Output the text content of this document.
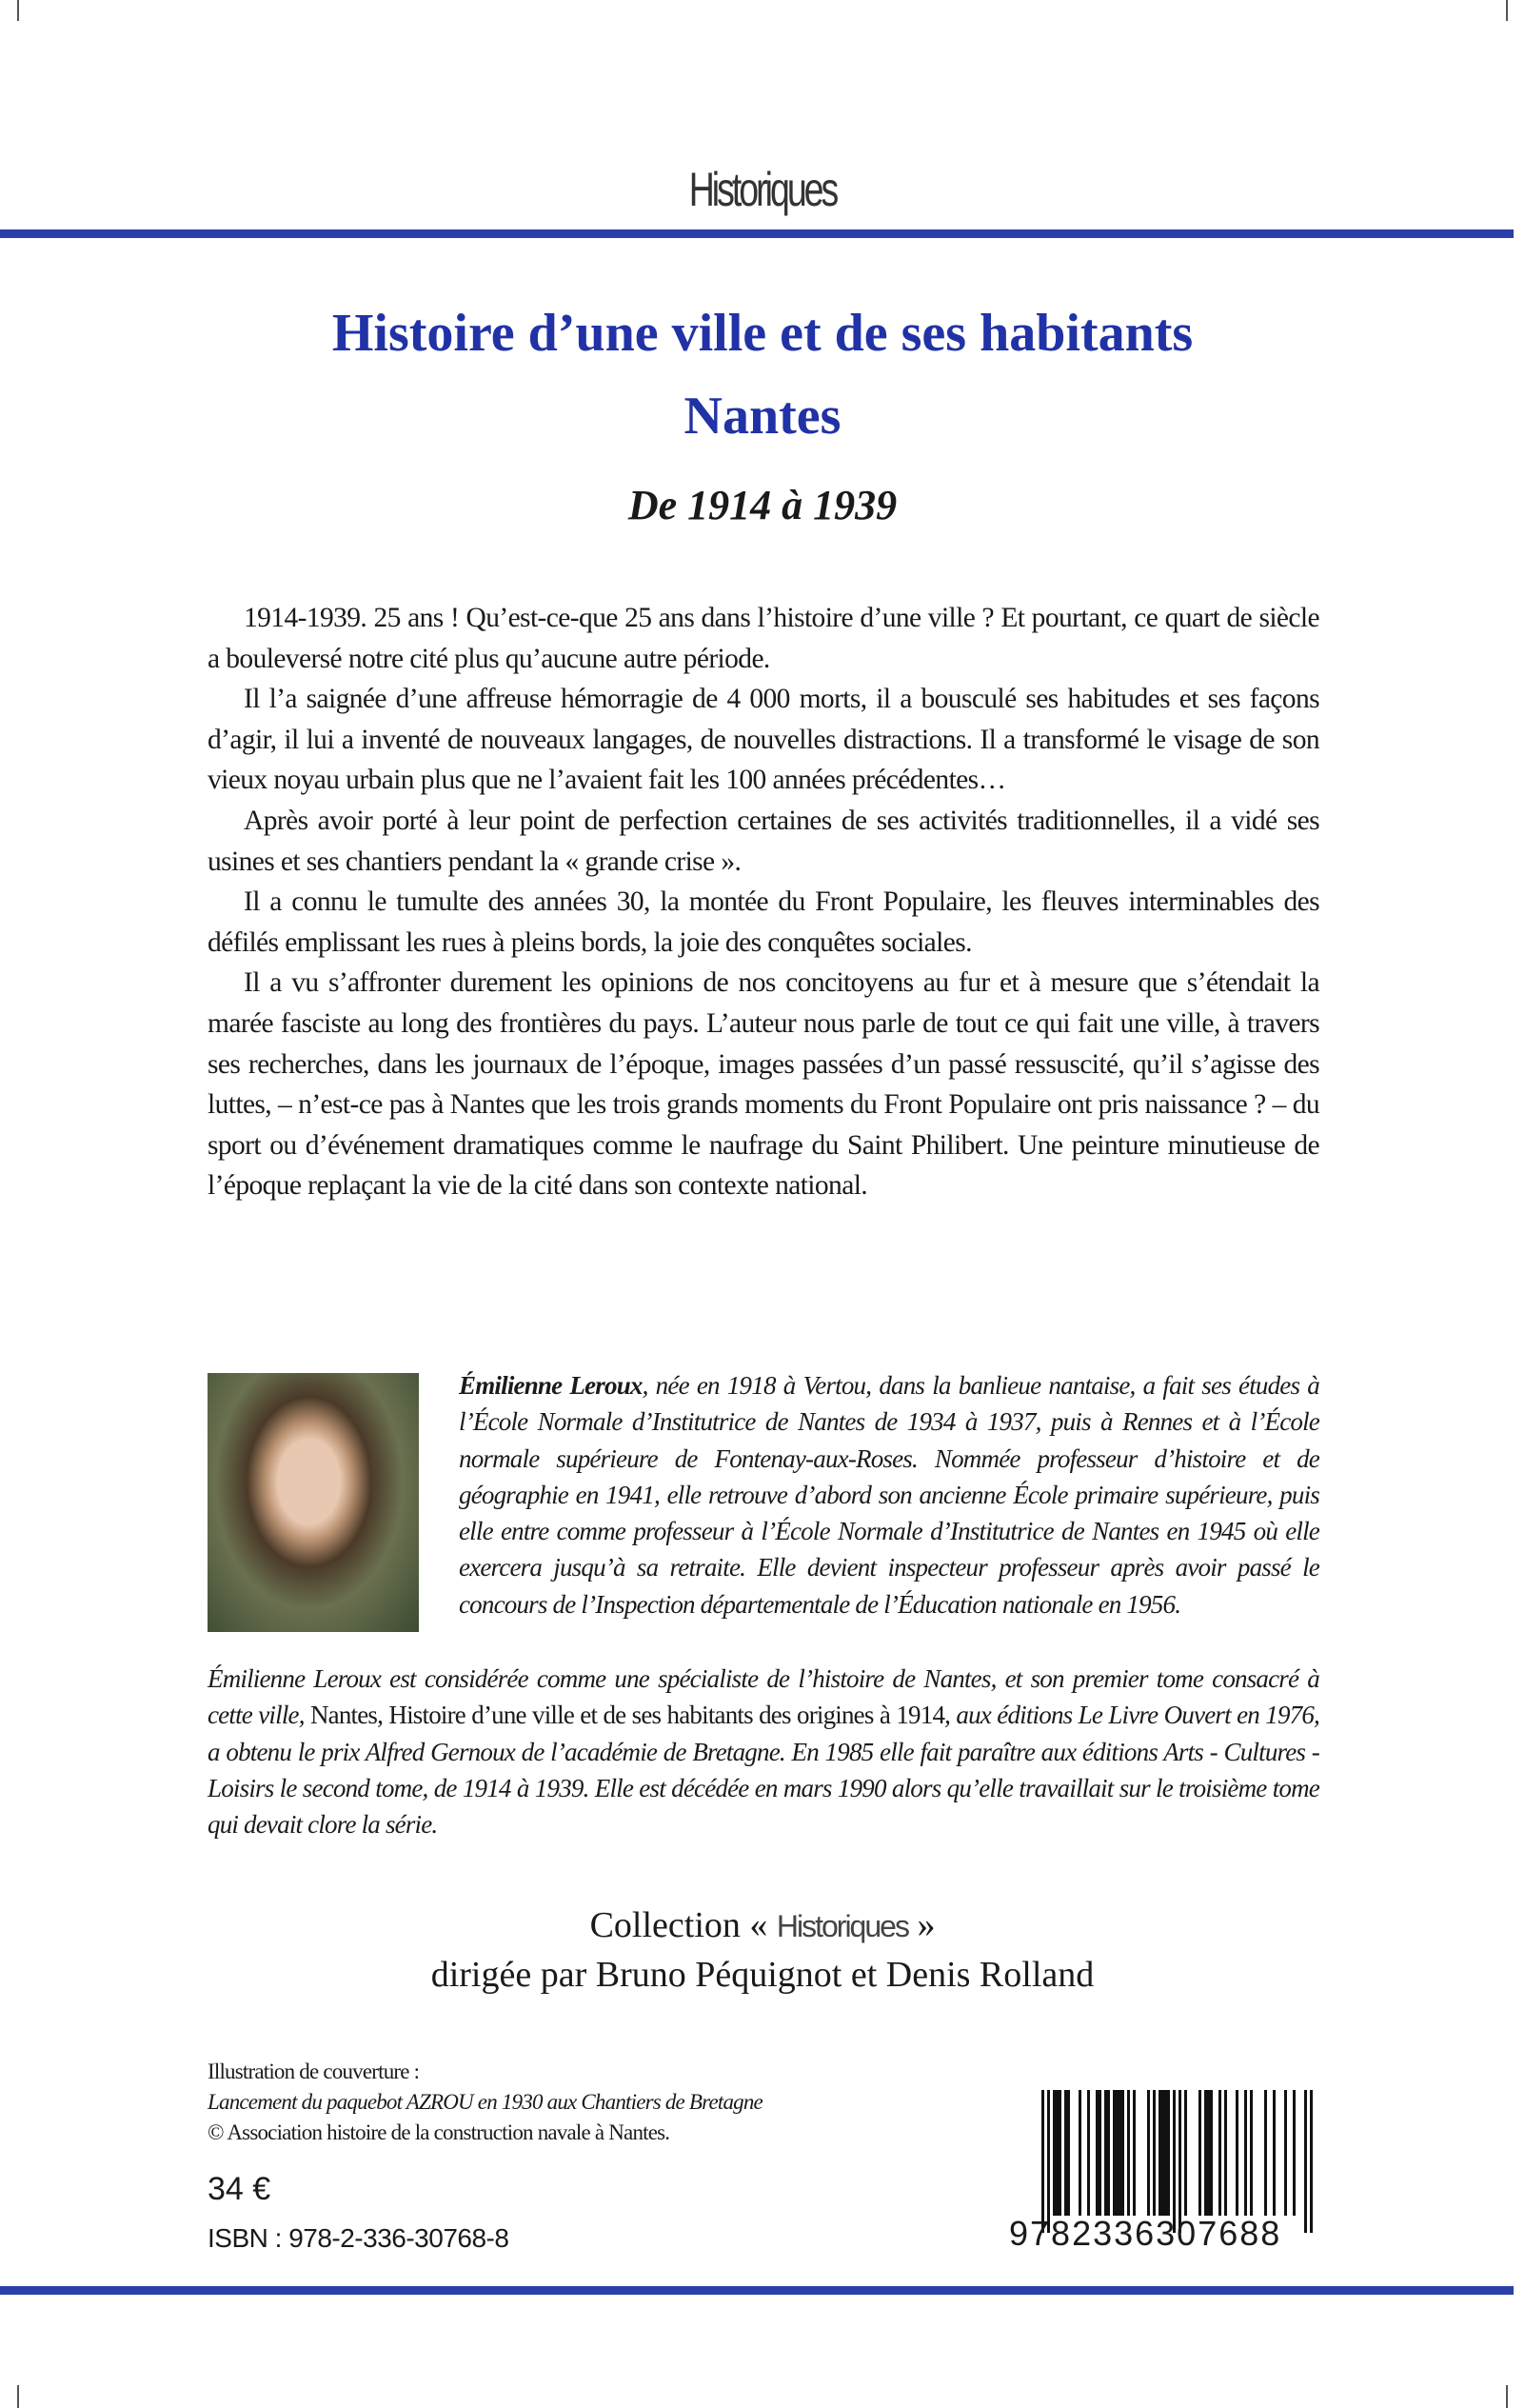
Historiques
Histoire d’une ville et de ses habitants
Nantes
De 1914 à 1939

1914-1939. 25 ans ! Qu’est-ce-que 25 ans dans l’histoire d’une ville ? Et pourtant, ce quart de siècle a bouleversé notre cité plus qu’aucune autre période.

Il l’a saignée d’une affreuse hémorragie de 4 000 morts, il a bousculé ses habitudes et ses façons d’agir, il lui a inventé de nouveaux langages, de nouvelles distractions. Il a transformé le visage de son vieux noyau urbain plus que ne l’avaient fait les 100 années précédentes…

Après avoir porté à leur point de perfection certaines de ses activités traditionnelles, il a vidé ses usines et ses chantiers pendant la « grande crise ».

Il a connu le tumulte des années 30, la montée du Front Populaire, les fleuves interminables des défilés emplissant les rues à pleins bords, la joie des conquêtes sociales.

Il a vu s’affronter durement les opinions de nos concitoyens au fur et à mesure que s’étendait la marée fasciste au long des frontières du pays. L’auteur nous parle de tout ce qui fait une ville, à travers ses recherches, dans les journaux de l’époque, images passées d’un passé ressuscité, qu’il s’agisse des luttes, – n’est-ce pas à Nantes que les trois grands moments du Front Populaire ont pris naissance ? – du sport ou d’événement dramatiques comme le naufrage du Saint Philibert. Une peinture minutieuse de l’époque replaçant la vie de la cité dans son contexte national.

Émilienne Leroux, née en 1918 à Vertou, dans la banlieue nantaise, a fait ses études à l’École Normale d’Institutrice de Nantes de 1934 à 1937, puis à Rennes et à l’École normale supérieure de Fontenay-aux-Roses. Nommée professeur d’histoire et de géographie en 1941, elle retrouve d’abord son ancienne École primaire supérieure, puis elle entre comme professeur à l’École Normale d’Institutrice de Nantes en 1945 où elle exercera jusqu’à sa retraite. Elle devient inspecteur professeur après avoir passé le concours de l’Inspection départementale de l’Éducation nationale en 1956.
Émilienne Leroux est considérée comme une spécialiste de l’histoire de Nantes, et son premier tome consacré à cette ville, Nantes, Histoire d’une ville et de ses habitants des origines à 1914, aux éditions Le Livre Ouvert en 1976, a obtenu le prix Alfred Gernoux de l’académie de Bretagne. En 1985 elle fait paraître aux éditions Arts - Cultures - Loisirs le second tome, de 1914 à 1939. Elle est décédée en mars 1990 alors qu’elle travaillait sur le troisième tome qui devait clore la série.
Collection « Historiques »
dirigée par Bruno Péquignot et Denis Rolland
Illustration de couverture :
Lancement du paquebot AZROU en 1930 aux Chantiers de Bretagne
© Association histoire de la construction navale à Nantes.
34 €
ISBN : 978-2-336-30768-8	9782336307688
